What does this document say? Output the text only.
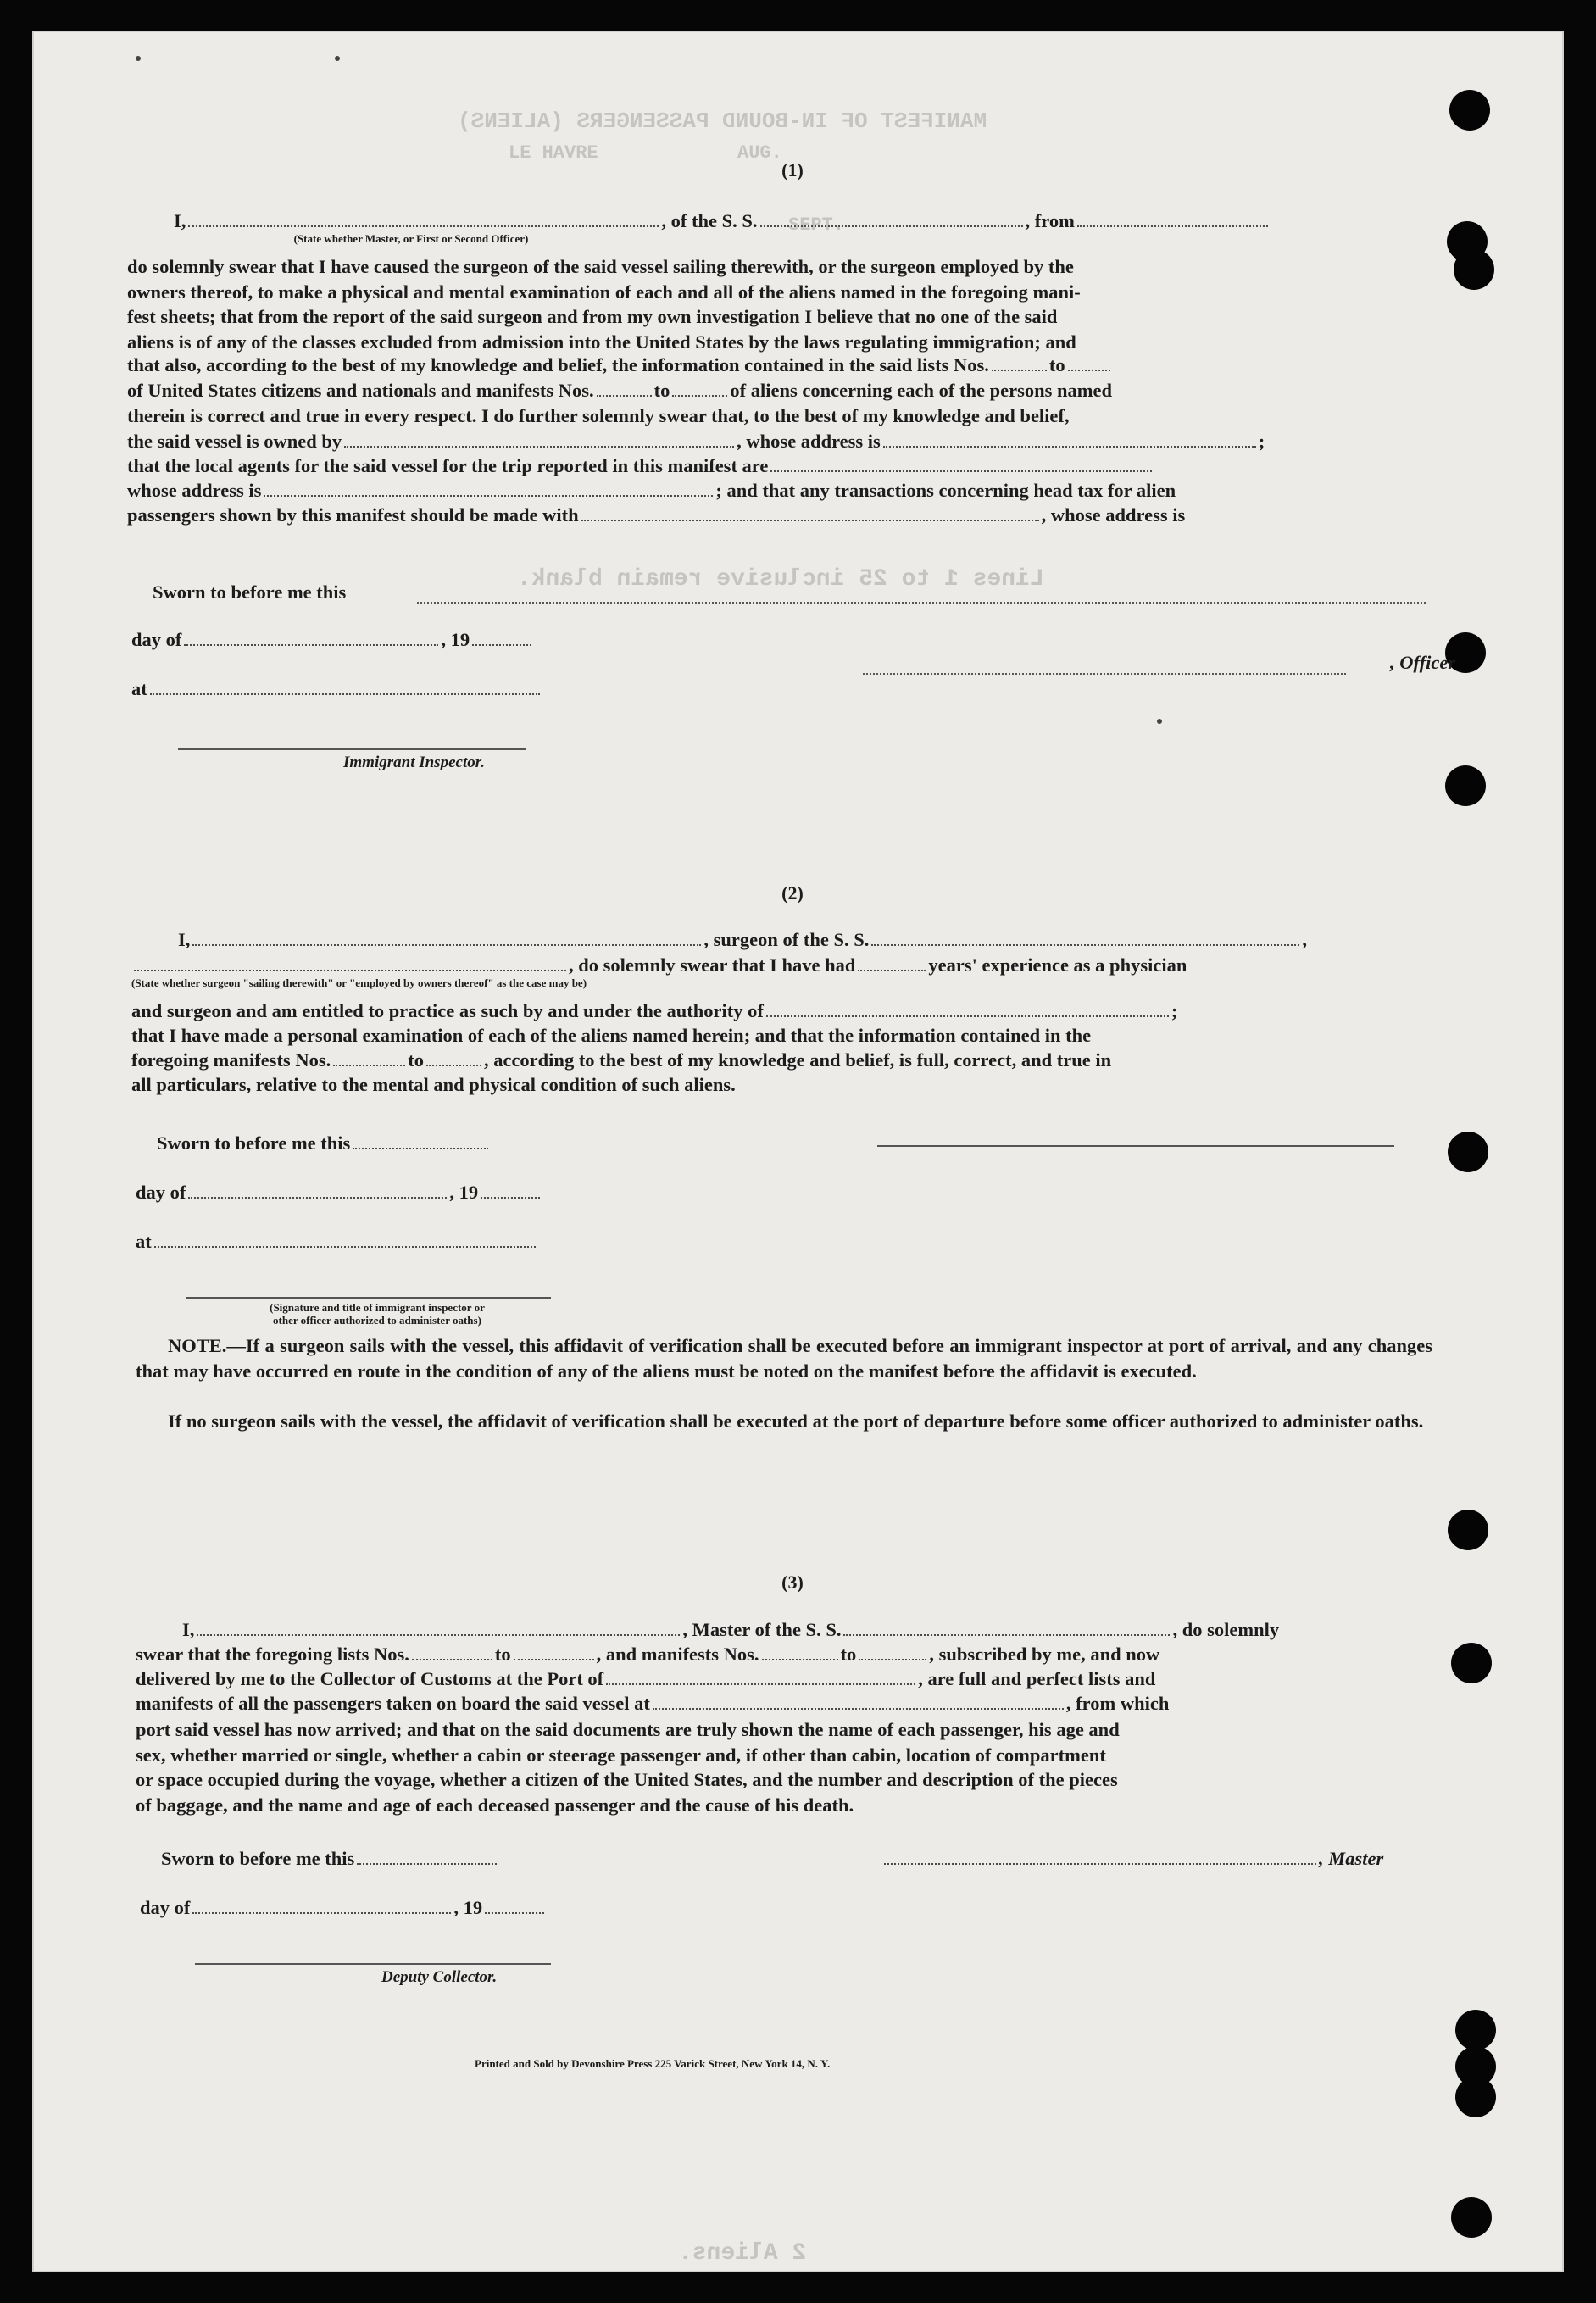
MANIFEST OF IN-BOUND PASSENGERS (ALIENS)
LE HAVRE	AUG.
SEPT.
Lines 1 to 25 inclusive remain blank.
2 Aliens.
(1)
I,	, of the S. S.	, from
(State whether Master, or First or Second Officer)

do solemnly swear that I have caused the surgeon of the said vessel sailing therewith, or the surgeon employed by the

owners thereof, to make a physical and mental examination of each and all of the aliens named in the foregoing mani-

fest sheets; that from the report of the said surgeon and from my own investigation I believe that no one of the said

aliens is of any of the classes excluded from admission into the United States by the laws regulating immigration; and

that also, according to the best of my knowledge and belief, the information contained in the said lists Nos.	to
of United States citizens and nationals and manifests Nos.	to	of aliens concerning each of the persons named
therein is correct and true in every respect. I do further solemnly swear that, to the best of my knowledge and belief,
the said vessel is owned by	, whose address is	;
that the local agents for the said vessel for the trip reported in this manifest are
whose address is	; and that any transactions concerning head tax for alien
passengers shown by this manifest should be made with	, whose address is
Sworn to before me this
day of	, 19
, Officer
at
Immigrant Inspector.
(2)
I,	, surgeon of the S. S.	,
, do solemnly swear that I have had	years' experience as a physician
(State whether surgeon "sailing therewith" or "employed by owners thereof" as the case may be)
and surgeon and am entitled to practice as such by and under the authority of	;
that I have made a personal examination of each of the aliens named herein; and that the information contained in the
foregoing manifests Nos.	to	, according to the best of my knowledge and belief, is full, correct, and true in
all particulars, relative to the mental and physical condition of such aliens.
Sworn to before me this
day of	, 19
at
(Signature and title of immigrant inspector or
other officer authorized to administer oaths)

NOTE.—If a surgeon sails with the vessel, this affidavit of verification shall be executed before an immigrant inspector at port of arrival, and any changes that may have occurred en route in the condition of any of the aliens must be noted on the manifest before the affidavit is executed.

If no surgeon sails with the vessel, the affidavit of verification shall be executed at the port of departure before some officer authorized to administer oaths.
(3)
I,	, Master of the S. S.	, do solemnly
swear that the foregoing lists Nos.	to	, and manifests Nos.	to	, subscribed by me, and now
delivered by me to the Collector of Customs at the Port of	, are full and perfect lists and
manifests of all the passengers taken on board the said vessel at	, from which

port said vessel has now arrived; and that on the said documents are truly shown the name of each passenger, his age and

sex, whether married or single, whether a cabin or steerage passenger and, if other than cabin, location of compartment

or space occupied during the voyage, whether a citizen of the United States, and the number and description of the pieces

of baggage, and the name and age of each deceased passenger and the cause of his death.

Sworn to before me this	, Master
day of	, 19
Deputy Collector.
Printed and Sold by Devonshire Press 225 Varick Street, New York 14, N. Y.
